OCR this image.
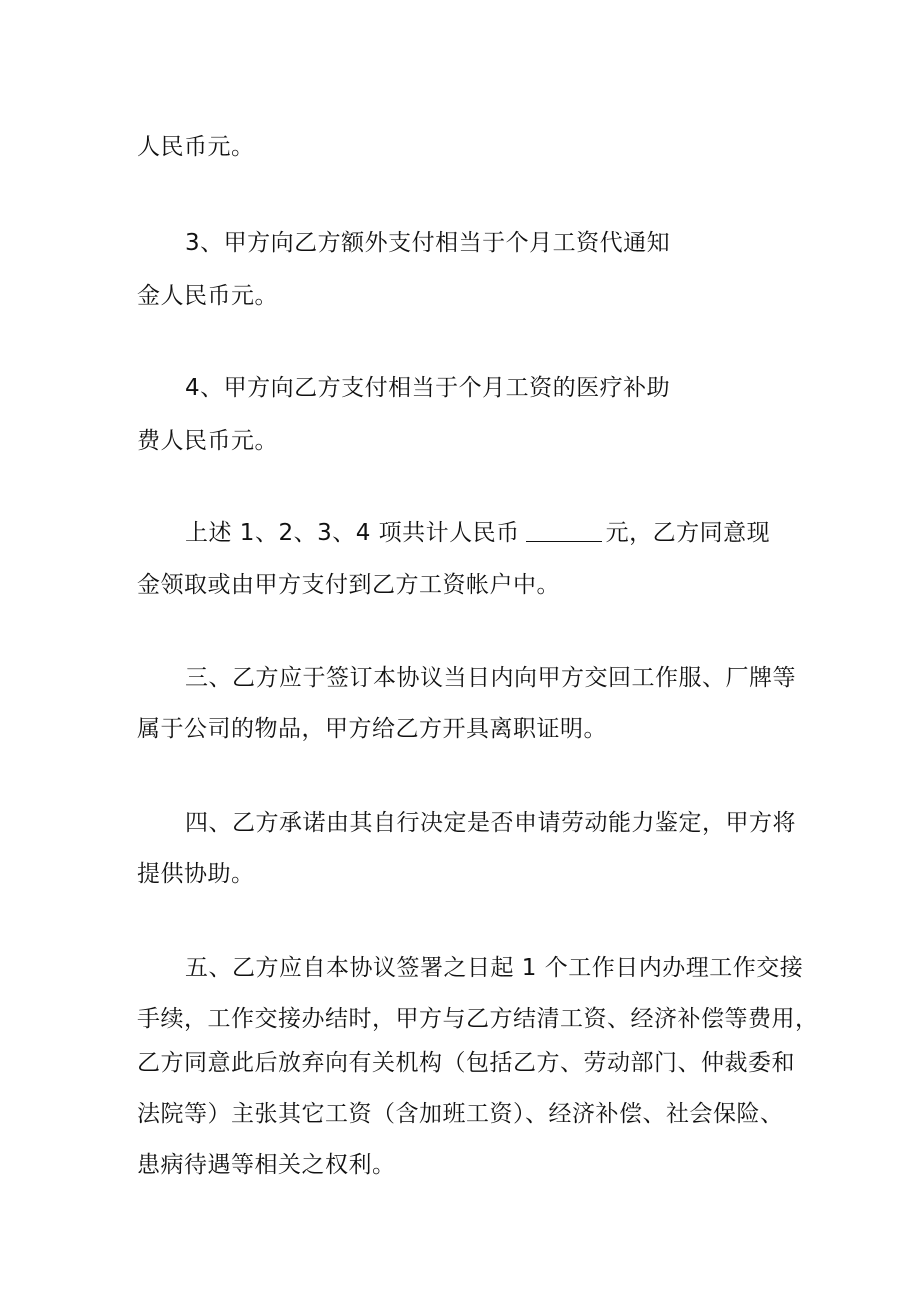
人民币元。
3、甲方向乙方额外支付相当于个月工资代通知
金人民币元。
4、甲方向乙方支付相当于个月工资的医疗补助
费人民币元。
上述 1、2、3、4 项共计人民币	元，乙方同意现
金领取或由甲方支付到乙方工资帐户中。
三、乙方应于签订本协议当日内向甲方交回工作服、厂牌等
属于公司的物品，甲方给乙方开具离职证明。
四、乙方承诺由其自行决定是否申请劳动能力鉴定，甲方将
提供协助。
五、乙方应自本协议签署之日起 1 个工作日内办理工作交接
手续，工作交接办结时，甲方与乙方结清工资、经济补偿等费用，
乙方同意此后放弃向有关机构（包括乙方、劳动部门、仲裁委和
法院等）主张其它工资（含加班工资）、经济补偿、社会保险、
患病待遇等相关之权利。
